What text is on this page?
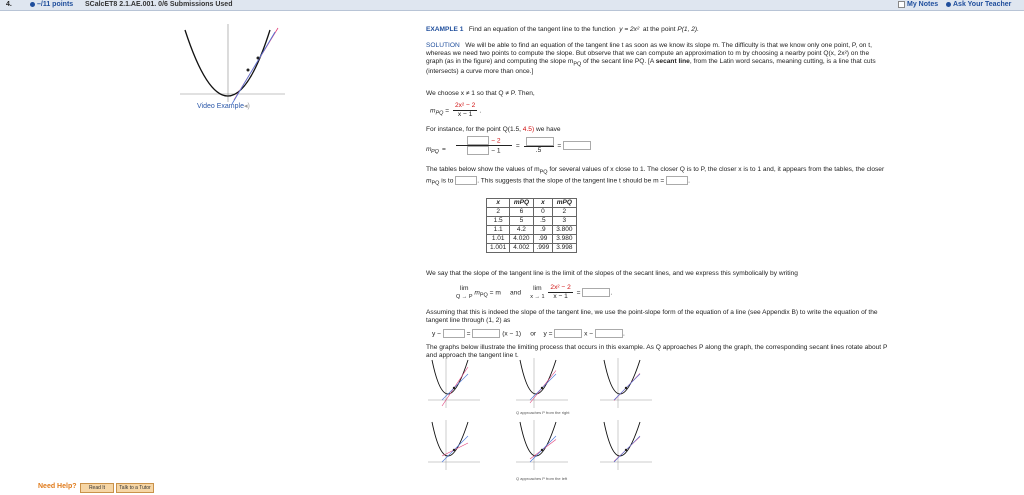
4.	–/11 points SCalcET8 2.1.AE.001. 0/6 Submissions Used	My Notes	Ask Your Teacher
Video Example◂)
EXAMPLE 1 Find an equation of the tangent line to the function y = 2x² at the point P(1, 2).
SOLUTION We will be able to find an equation of the tangent line t as soon as we know its slope m. The difficulty is that we know only one point, P, on t,
whereas we need two points to compute the slope. But observe that we can compute an approximation to m by choosing a nearby point Q(x, 2x²) on the
graph (as in the figure) and computing the slope $m_{PQ}$ of the secant line PQ. [A secant line, from the Latin word secans, meaning cutting, is a line that cuts
(intersects) a curve more than once.]
We choose x ≠ 1 so that Q ≠ P. Then,
$m_{PQ} = \frac{\text{2x² − 2}}{x - 1}$ .
For instance, for the point Q(1.5, 4.5) we have
m PQ = $\frac{- 2}{- 1}$ =
.5
=
The tables below show the values of $m_{PQ}$ for several values of x close to 1. The closer Q is to P, the closer x is to 1 and, it appears from the tables, the closer
$m_{PQ}$ is to	. This suggests that the slope of the tangent line t should be m =	.
x	mPQ	x	mPQ
2	6	0	2
1.5	5	.5	3
1.1	4.2	.9	3.800
1.01	4.020	.99	3.980
1.001	4.002	.999	3.998
We say that the slope of the tangent line is the limit of the slopes of the secant lines, and we express this symbolically by writing
lim
Q → P
$m_{PQ} = m$ and
lim
x → 1
$\frac{\text{2x² − 2}}{x - 1}$ =	.
Assuming that this is indeed the slope of the tangent line, we use the point-slope form of the equation of a line (see Appendix B) to write the equation of the
tangent line through (1, 2) as
y −	=	(x − 1) or y =	x −	.
The graphs below illustrate the limiting process that occurs in this example. As Q approaches P along the graph, the corresponding secant lines rotate about P
and approach the tangent line t.
Q approaches P from the right
Q approaches P from the left
Need Help?	Read It	Talk to a Tutor
